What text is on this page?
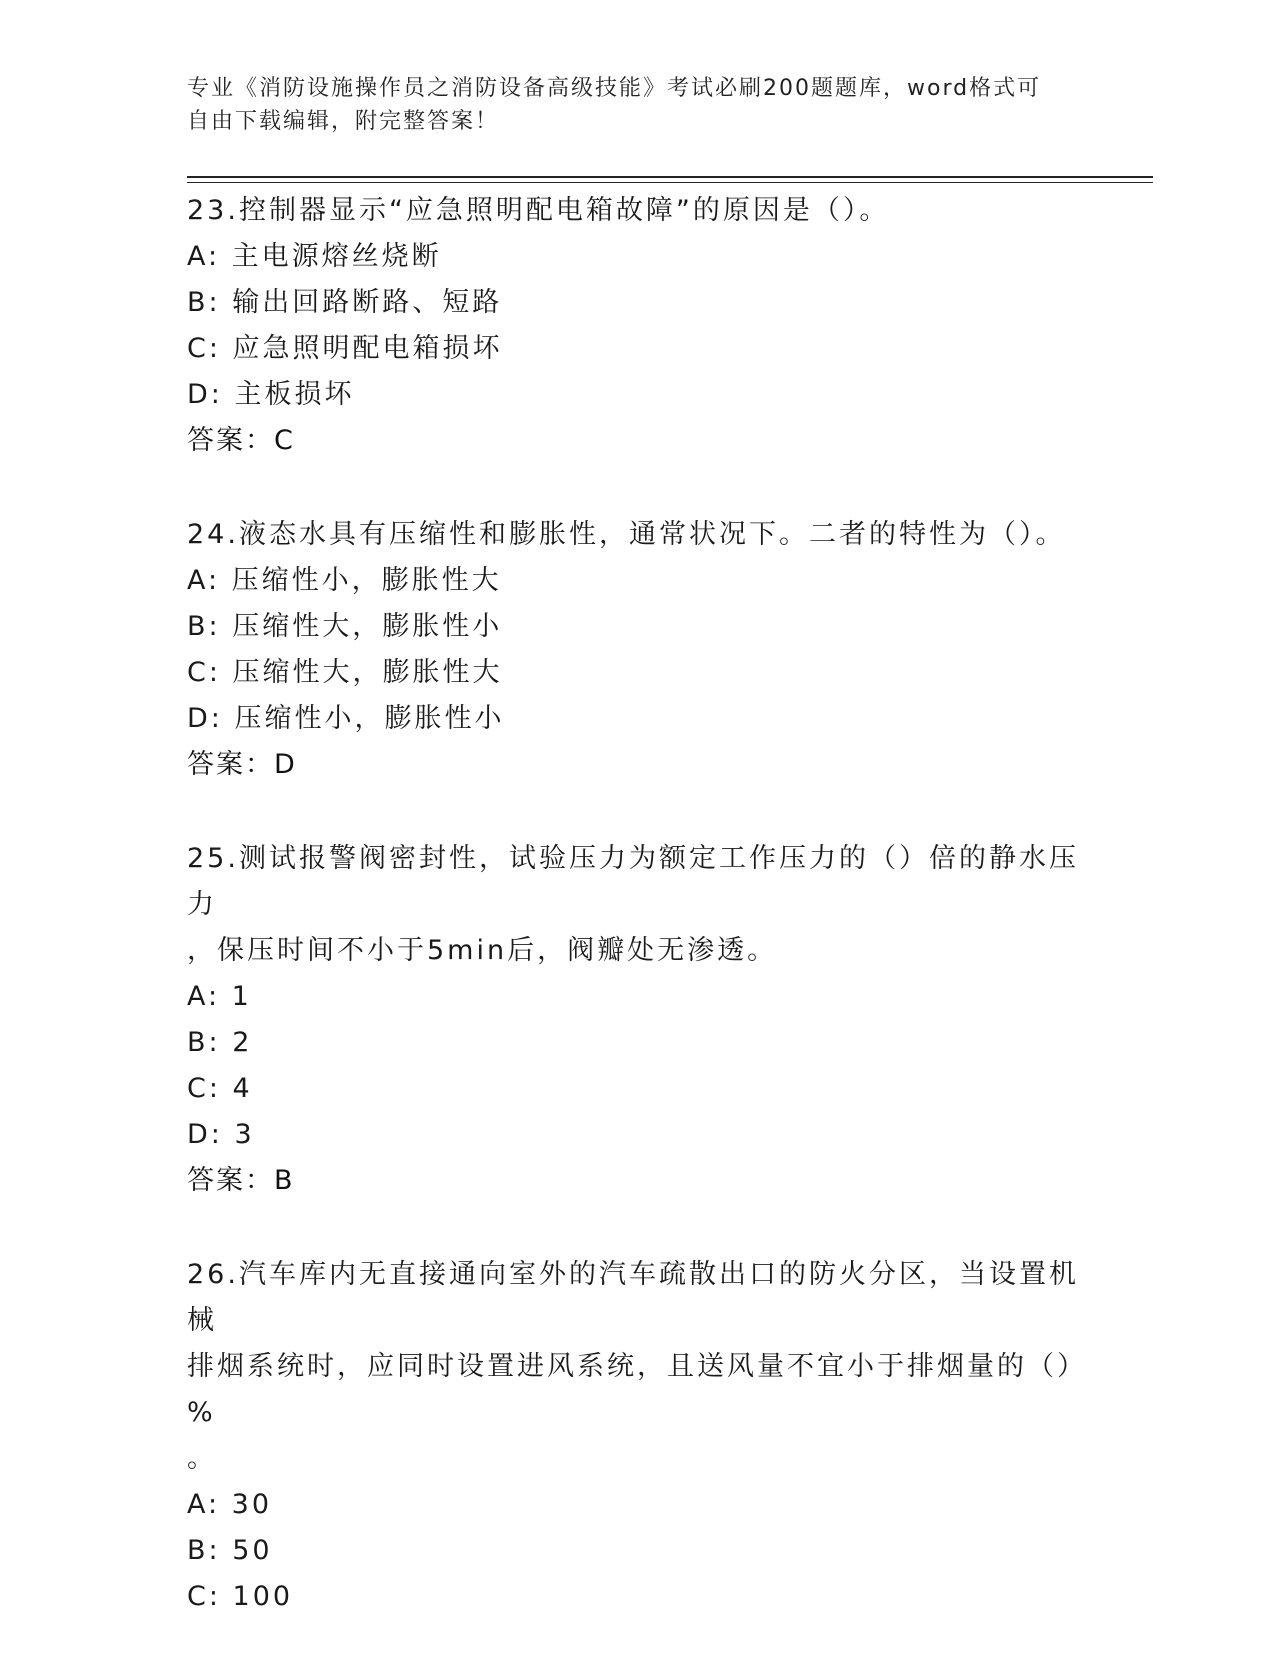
专业《消防设施操作员之消防设备高级技能》考试必刷200题题库，word格式可
自由下载编辑，附完整答案！
23.控制器显示“应急照明配电箱故障”的原因是（）。
A: 主电源熔丝烧断
B: 输出回路断路、短路
C: 应急照明配电箱损坏
D: 主板损坏
答案：C
24.液态水具有压缩性和膨胀性，通常状况下。二者的特性为（）。
A: 压缩性小，膨胀性大
B: 压缩性大，膨胀性小
C: 压缩性大，膨胀性大
D: 压缩性小，膨胀性小
答案：D
25.测试报警阀密封性，试验压力为额定工作压力的（）倍的静水压力
，保压时间不小于5min后，阀瓣处无渗透。
A: 1
B: 2
C: 4
D: 3
答案：B
26.汽车库内无直接通向室外的汽车疏散出口的防火分区，当设置机械
排烟系统时，应同时设置进风系统，且送风量不宜小于排烟量的（）%
。
A: 30
B: 50
C: 100
